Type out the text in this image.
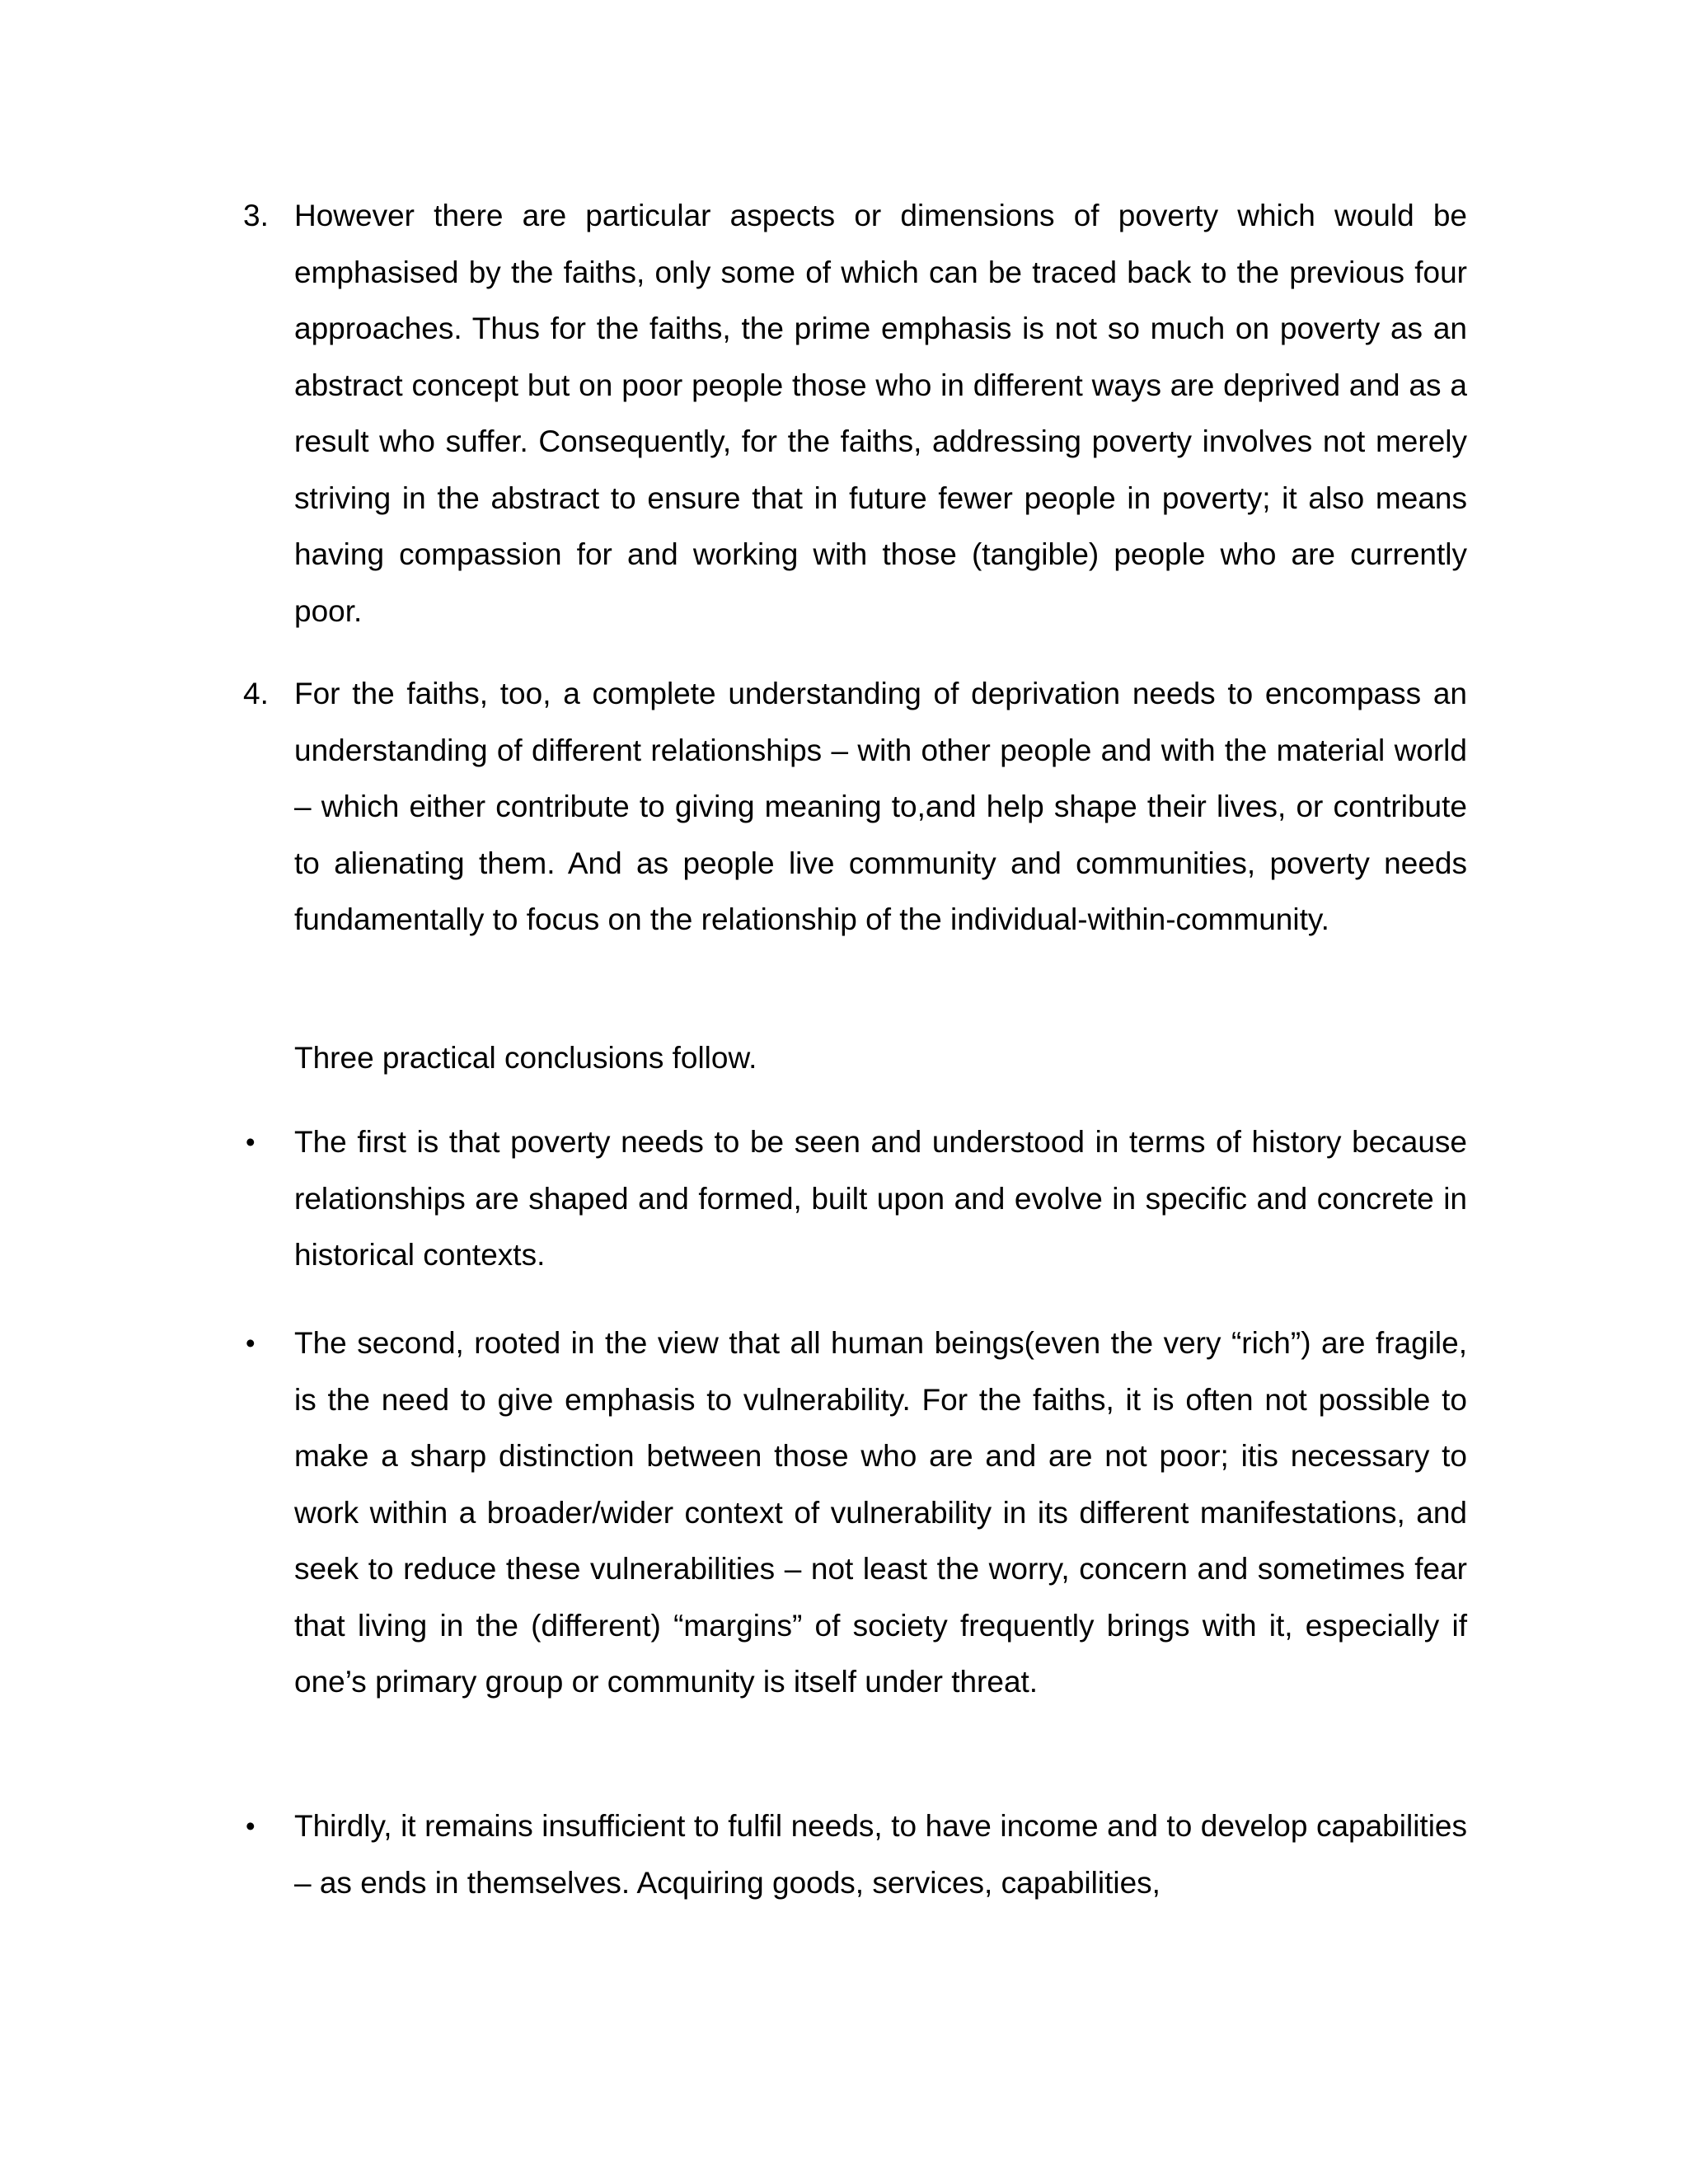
3. However there are particular aspects or dimensions of poverty which would be emphasised by the faiths, only some of which can be traced back to the previous four approaches. Thus for the faiths, the prime emphasis is not so much on poverty as an abstract concept but on poor people those who in different ways are deprived and as a result who suffer. Consequently, for the faiths, addressing poverty involves not merely striving in the abstract to ensure that in future fewer people in poverty; it also means having compassion for and working with those (tangible) people who are currently poor.
4. For the faiths, too, a complete understanding of deprivation needs to encompass an understanding of different relationships – with other people and with the material world – which either contribute to giving meaning to,and help shape their lives, or contribute to alienating them. And as people live community and communities, poverty needs fundamentally to focus on the relationship of the individual-within-community.
Three practical conclusions follow.
•	The first is that poverty needs to be seen and understood in terms of history because relationships are shaped and formed, built upon and evolve in specific and concrete in historical contexts.
•	The second, rooted in the view that all human beings(even the very “rich”) are fragile, is the need to give emphasis to vulnerability. For the faiths, it is often not possible to make a sharp distinction between those who are and are not poor; itis necessary to work within a broader/wider context of vulnerability in its different manifestations, and seek to reduce these vulnerabilities – not least the worry, concern and sometimes fear that living in the (different) “margins” of society frequently brings with it, especially if one’s primary group or community is itself under threat.
•	Thirdly, it remains insufficient to fulfil needs, to have income and to develop capabilities – as ends in themselves. Acquiring goods, services, capabilities,
